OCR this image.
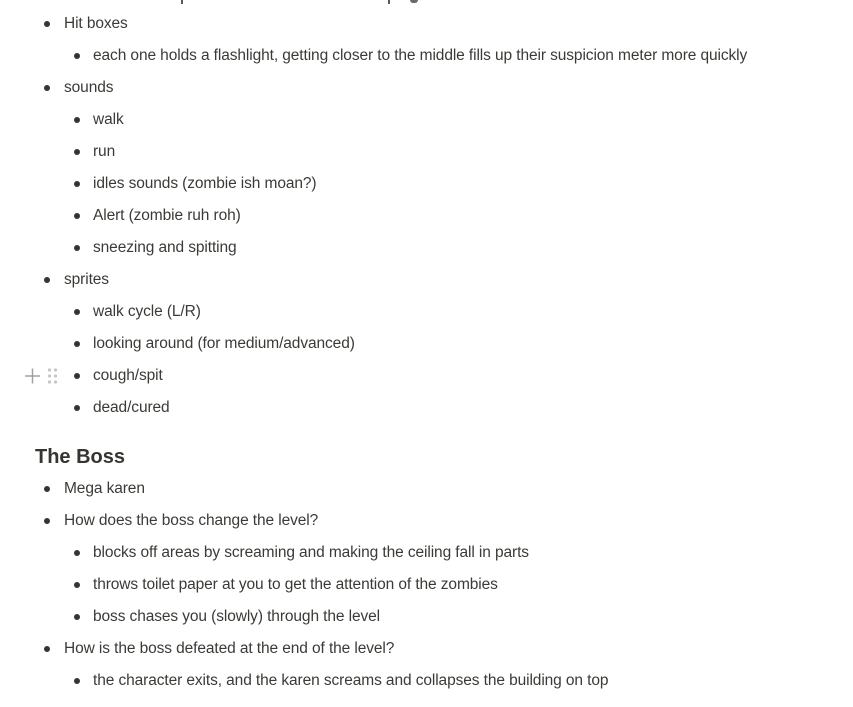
Hit boxes
each one holds a flashlight, getting closer to the middle fills up their suspicion meter more quickly
sounds
walk
run
idles sounds (zombie ish moan?)
Alert (zombie ruh roh)
sneezing and spitting
sprites
walk cycle (L/R)
looking around (for medium/advanced)
cough/spit
dead/cured
The Boss
Mega karen
How does the boss change the level?
blocks off areas by screaming and making the ceiling fall in parts
throws toilet paper at you to get the attention of the zombies
boss chases you (slowly) through the level
How is the boss defeated at the end of the level?
the character exits, and the karen screams and collapses the building on top
